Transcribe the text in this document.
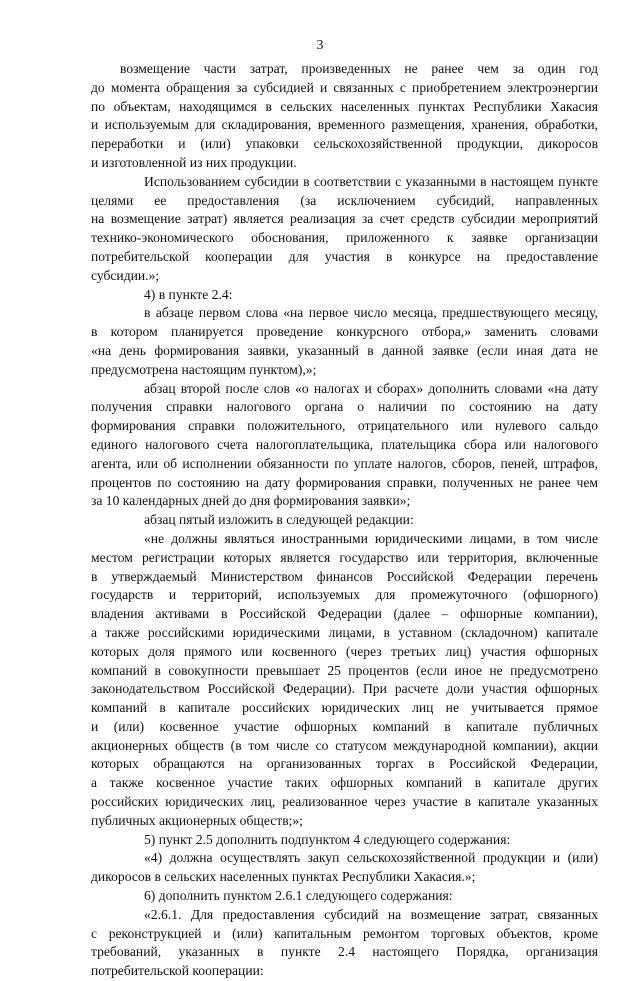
3
возмещение части затрат, произведенных не ранее чем за один год
до момента обращения за субсидией и связанных с приобретением электроэнергии
по объектам, находящимся в сельских населенных пунктах Республики Хакасия
и используемым для складирования, временного размещения, хранения, обработки,
переработки и (или) упаковки сельскохозяйственной продукции, дикоросов
и изготовленной из них продукции.
Использованием субсидии в соответствии с указанными в настоящем пункте
целями ее предоставления (за исключением субсидий, направленных
на возмещение затрат) является реализация за счет средств субсидии мероприятий
технико-экономического обоснования, приложенного к заявке организации
потребительской кооперации для участия в конкурсе на предоставление
субсидии.»;
4) в пункте 2.4:
в абзаце первом слова «на первое число месяца, предшествующего месяцу,
в котором планируется проведение конкурсного отбора,» заменить словами
«на день формирования заявки, указанный в данной заявке (если иная дата не
предусмотрена настоящим пунктом),»;
абзац второй после слов «о налогах и сборах» дополнить словами «на дату
получения справки налогового органа о наличии по состоянию на дату
формирования справки положительного, отрицательного или нулевого сальдо
единого налогового счета налогоплательщика, плательщика сбора или налогового
агента, или об исполнении обязанности по уплате налогов, сборов, пеней, штрафов,
процентов по состоянию на дату формирования справки, полученных не ранее чем
за 10 календарных дней до дня формирования заявки»;
абзац пятый изложить в следующей редакции:
«не должны являться иностранными юридическими лицами, в том числе
местом регистрации которых является государство или территория, включенные
в утверждаемый Министерством финансов Российской Федерации перечень
государств и территорий, используемых для промежуточного (офшорного)
владения активами в Российской Федерации (далее – офшорные компании),
а также российскими юридическими лицами, в уставном (складочном) капитале
которых доля прямого или косвенного (через третьих лиц) участия офшорных
компаний в совокупности превышает 25 процентов (если иное не предусмотрено
законодательством Российской Федерации). При расчете доли участия офшорных
компаний в капитале российских юридических лиц не учитывается прямое
и (или) косвенное участие офшорных компаний в капитале публичных
акционерных обществ (в том числе со статусом международной компании), акции
которых обращаются на организованных торгах в Российской Федерации,
а также косвенное участие таких офшорных компаний в капитале других
российских юридических лиц, реализованное через участие в капитале указанных
публичных акционерных обществ;»;
5) пункт 2.5 дополнить подпунктом 4 следующего содержания:
«4) должна осуществлять закуп сельскохозяйственной продукции и (или)
дикоросов в сельских населенных пунктах Республики Хакасия.»;
6) дополнить пунктом 2.6.1 следующего содержания:
«2.6.1. Для предоставления субсидий на возмещение затрат, связанных
с реконструкцией и (или) капитальным ремонтом торговых объектов, кроме
требований, указанных в пункте 2.4 настоящего Порядка, организация
потребительской кооперации:
